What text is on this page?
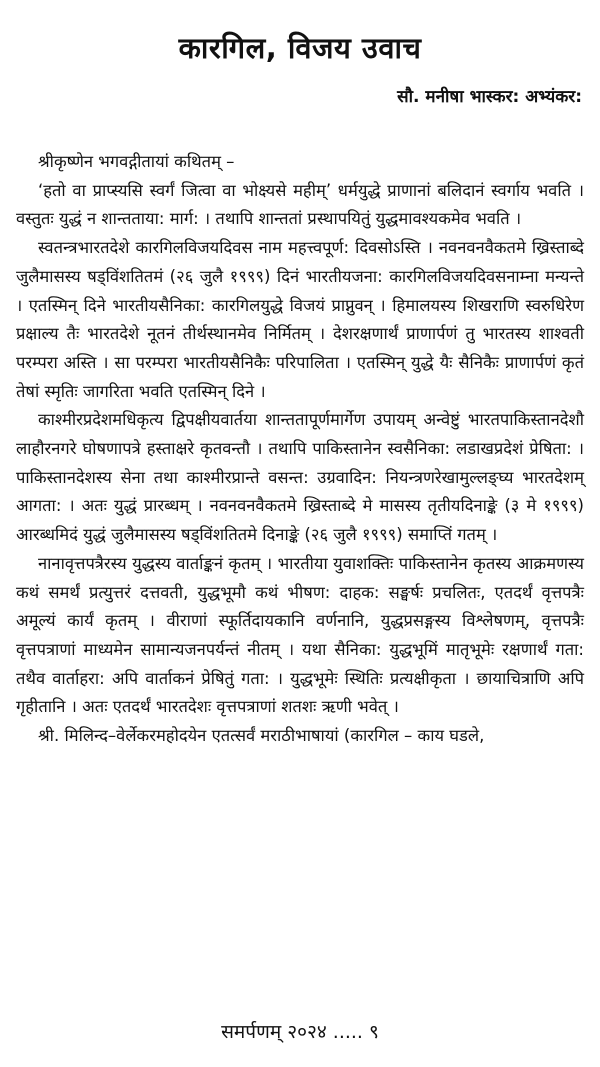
कारगिल, विजय उवाच
सौ. मनीषा भास्कर: अभ्यंकर:

श्रीकृष्णेन भगवद्गीतायां कथितम् –

‘हतो वा प्राप्स्यसि स्वर्गं जित्वा वा भोक्ष्यसे महीम्’ धर्मयुद्धे प्राणानां बलिदानं स्वर्गाय भवति । वस्तुतः युद्धं न शान्तताया: मार्ग: । तथापि शान्ततां प्रस्थापयितुं युद्धमावश्यकमेव भवति ।

स्वतन्त्रभारतदेशे कारगिलविजयदिवस नाम महत्त्वपूर्ण: दिवसोऽस्ति । नवनवनवैकतमे ख्रिस्ताब्दे जुलैमासस्य षड्विंशतितमं (२६ जुलै १९९९) दिनं भारतीयजना: कारगिलविजयदिवसनाम्ना मन्यन्ते । एतस्मिन् दिने भारतीयसैनिका: कारगिलयुद्धे विजयं प्राप्नुवन् । हिमालयस्य शिखराणि स्वरुधिरेण प्रक्षाल्य तैः भारतदेशे नूतनं तीर्थस्थानमेव निर्मितम् । देशरक्षणार्थं प्राणार्पणं तु भारतस्य शाश्वती परम्परा अस्ति । सा परम्परा भारतीयसैनिकैः परिपालिता । एतस्मिन् युद्धे यैः सैनिकैः प्राणार्पणं कृतं तेषां स्मृतिः जागरिता भवति एतस्मिन् दिने ।

काश्मीरप्रदेशमधिकृत्य द्विपक्षीयवार्तया शान्ततापूर्णमार्गेण उपायम् अन्वेष्टुं भारतपाकिस्तानदेशौ लाहौरनगरे घोषणापत्रे हस्ताक्षरे कृतवन्तौ । तथापि पाकिस्तानेन स्वसैनिका: लडाखप्रदेशं प्रेषिता: । पाकिस्तानदेशस्य सेना तथा काश्मीरप्रान्ते वसन्त: उग्रवादिन: नियन्त्रणरेखामुल्लङ्घ्य भारतदेशम् आगता: । अतः युद्धं प्रारब्धम् । नवनवनवैकतमे ख्रिस्ताब्दे मे मासस्य तृतीयदिनाङ्के (३ मे १९९९) आरब्धमिदं युद्धं जुलैमासस्य षड्विंशतितमे दिनाङ्के (२६ जुलै १९९९) समाप्तिं गतम् ।

नानावृत्तपत्रैरस्य युद्धस्य वार्ताङ्कनं कृतम् । भारतीया युवाशक्तिः पाकिस्तानेन कृतस्य आक्रमणस्य कथं समर्थं प्रत्युत्तरं दत्तवती, युद्धभूमौ कथं भीषण: दाहक: सङ्घर्षः प्रचलितः, एतदर्थं वृत्तपत्रैः अमूल्यं कार्यं कृतम् । वीराणां स्फूर्तिदायकानि वर्णनानि, युद्धप्रसङ्गस्य विश्लेषणम्, वृत्तपत्रैः वृत्तपत्राणां माध्यमेन सामान्यजनपर्यन्तं नीतम् । यथा सैनिका: युद्धभूमिं मातृभूमेः रक्षणार्थं गता: तथैव वार्ताहरा: अपि वार्ताकनं प्रेषितुं गता: । युद्धभूमेः स्थितिः प्रत्यक्षीकृता । छायाचित्राणि अपि गृहीतानि । अतः एतदर्थं भारतदेशः वृत्तपत्राणां शतशः ऋणी भवेत् ।

श्री. मिलिन्द–वेर्लेकरमहोदयेन एतत्सर्वं मराठीभाषायां (कारगिल – काय घडले,

समर्पणम् २०२४ ..... ९
